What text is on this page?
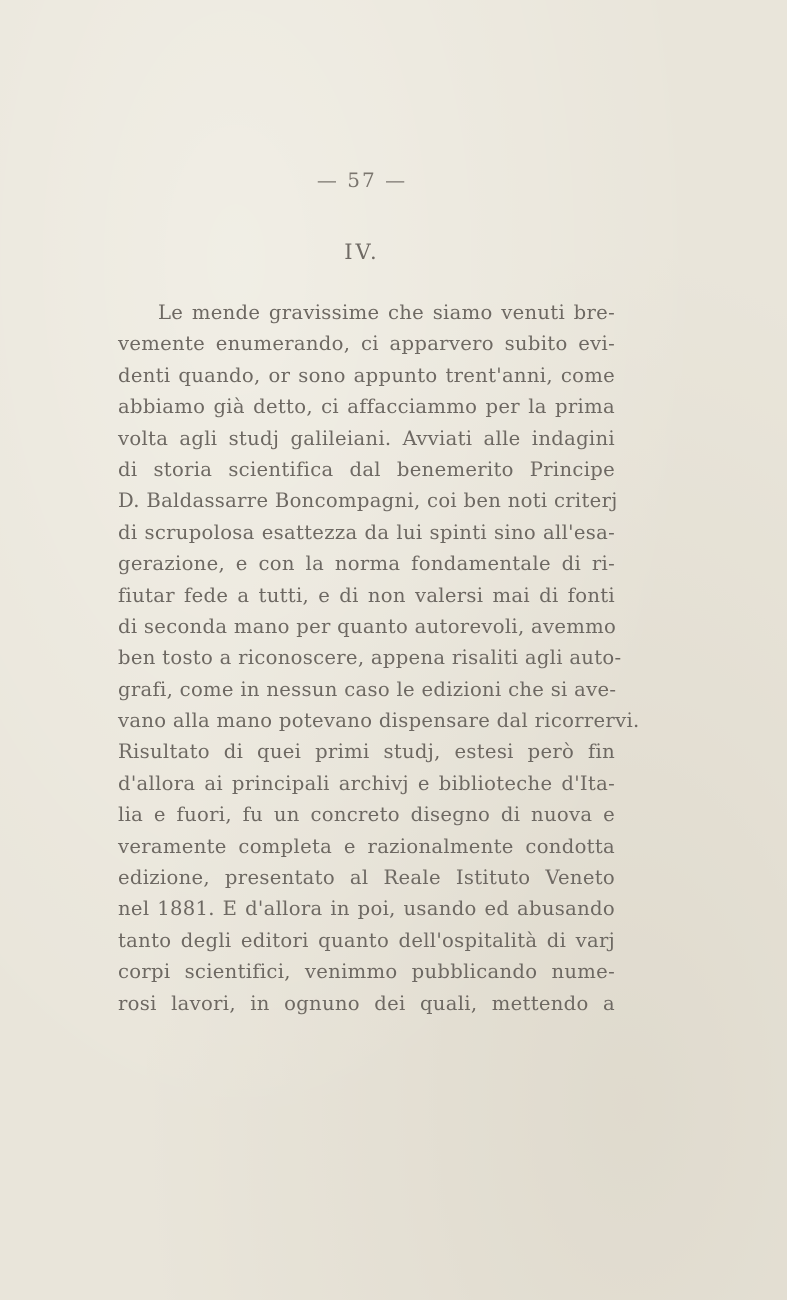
— 57 —
IV.
Le mende gravissime che siamo venuti bre-
vemente enumerando, ci apparvero subito evi-
denti quando, or sono appunto trent'anni, come
abbiamo già detto, ci affacciammo per la prima
volta agli studj galileiani. Avviati alle indagini
di storia scientifica dal benemerito Principe
D. Baldassarre Boncompagni, coi ben noti criterj
di scrupolosa esattezza da lui spinti sino all'esa-
gerazione, e con la norma fondamentale di ri-
fiutar fede a tutti, e di non valersi mai di fonti
di seconda mano per quanto autorevoli, avemmo
ben tosto a riconoscere, appena risaliti agli auto-
grafi, come in nessun caso le edizioni che si ave-
vano alla mano potevano dispensare dal ricorrervi.
Risultato di quei primi studj, estesi però fin
d'allora ai principali archivj e biblioteche d'Ita-
lia e fuori, fu un concreto disegno di nuova e
veramente completa e razionalmente condotta
edizione, presentato al Reale Istituto Veneto
nel 1881. E d'allora in poi, usando ed abusando
tanto degli editori quanto dell'ospitalità di varj
corpi scientifici, venimmo pubblicando nume-
rosi lavori, in ognuno dei quali, mettendo a
